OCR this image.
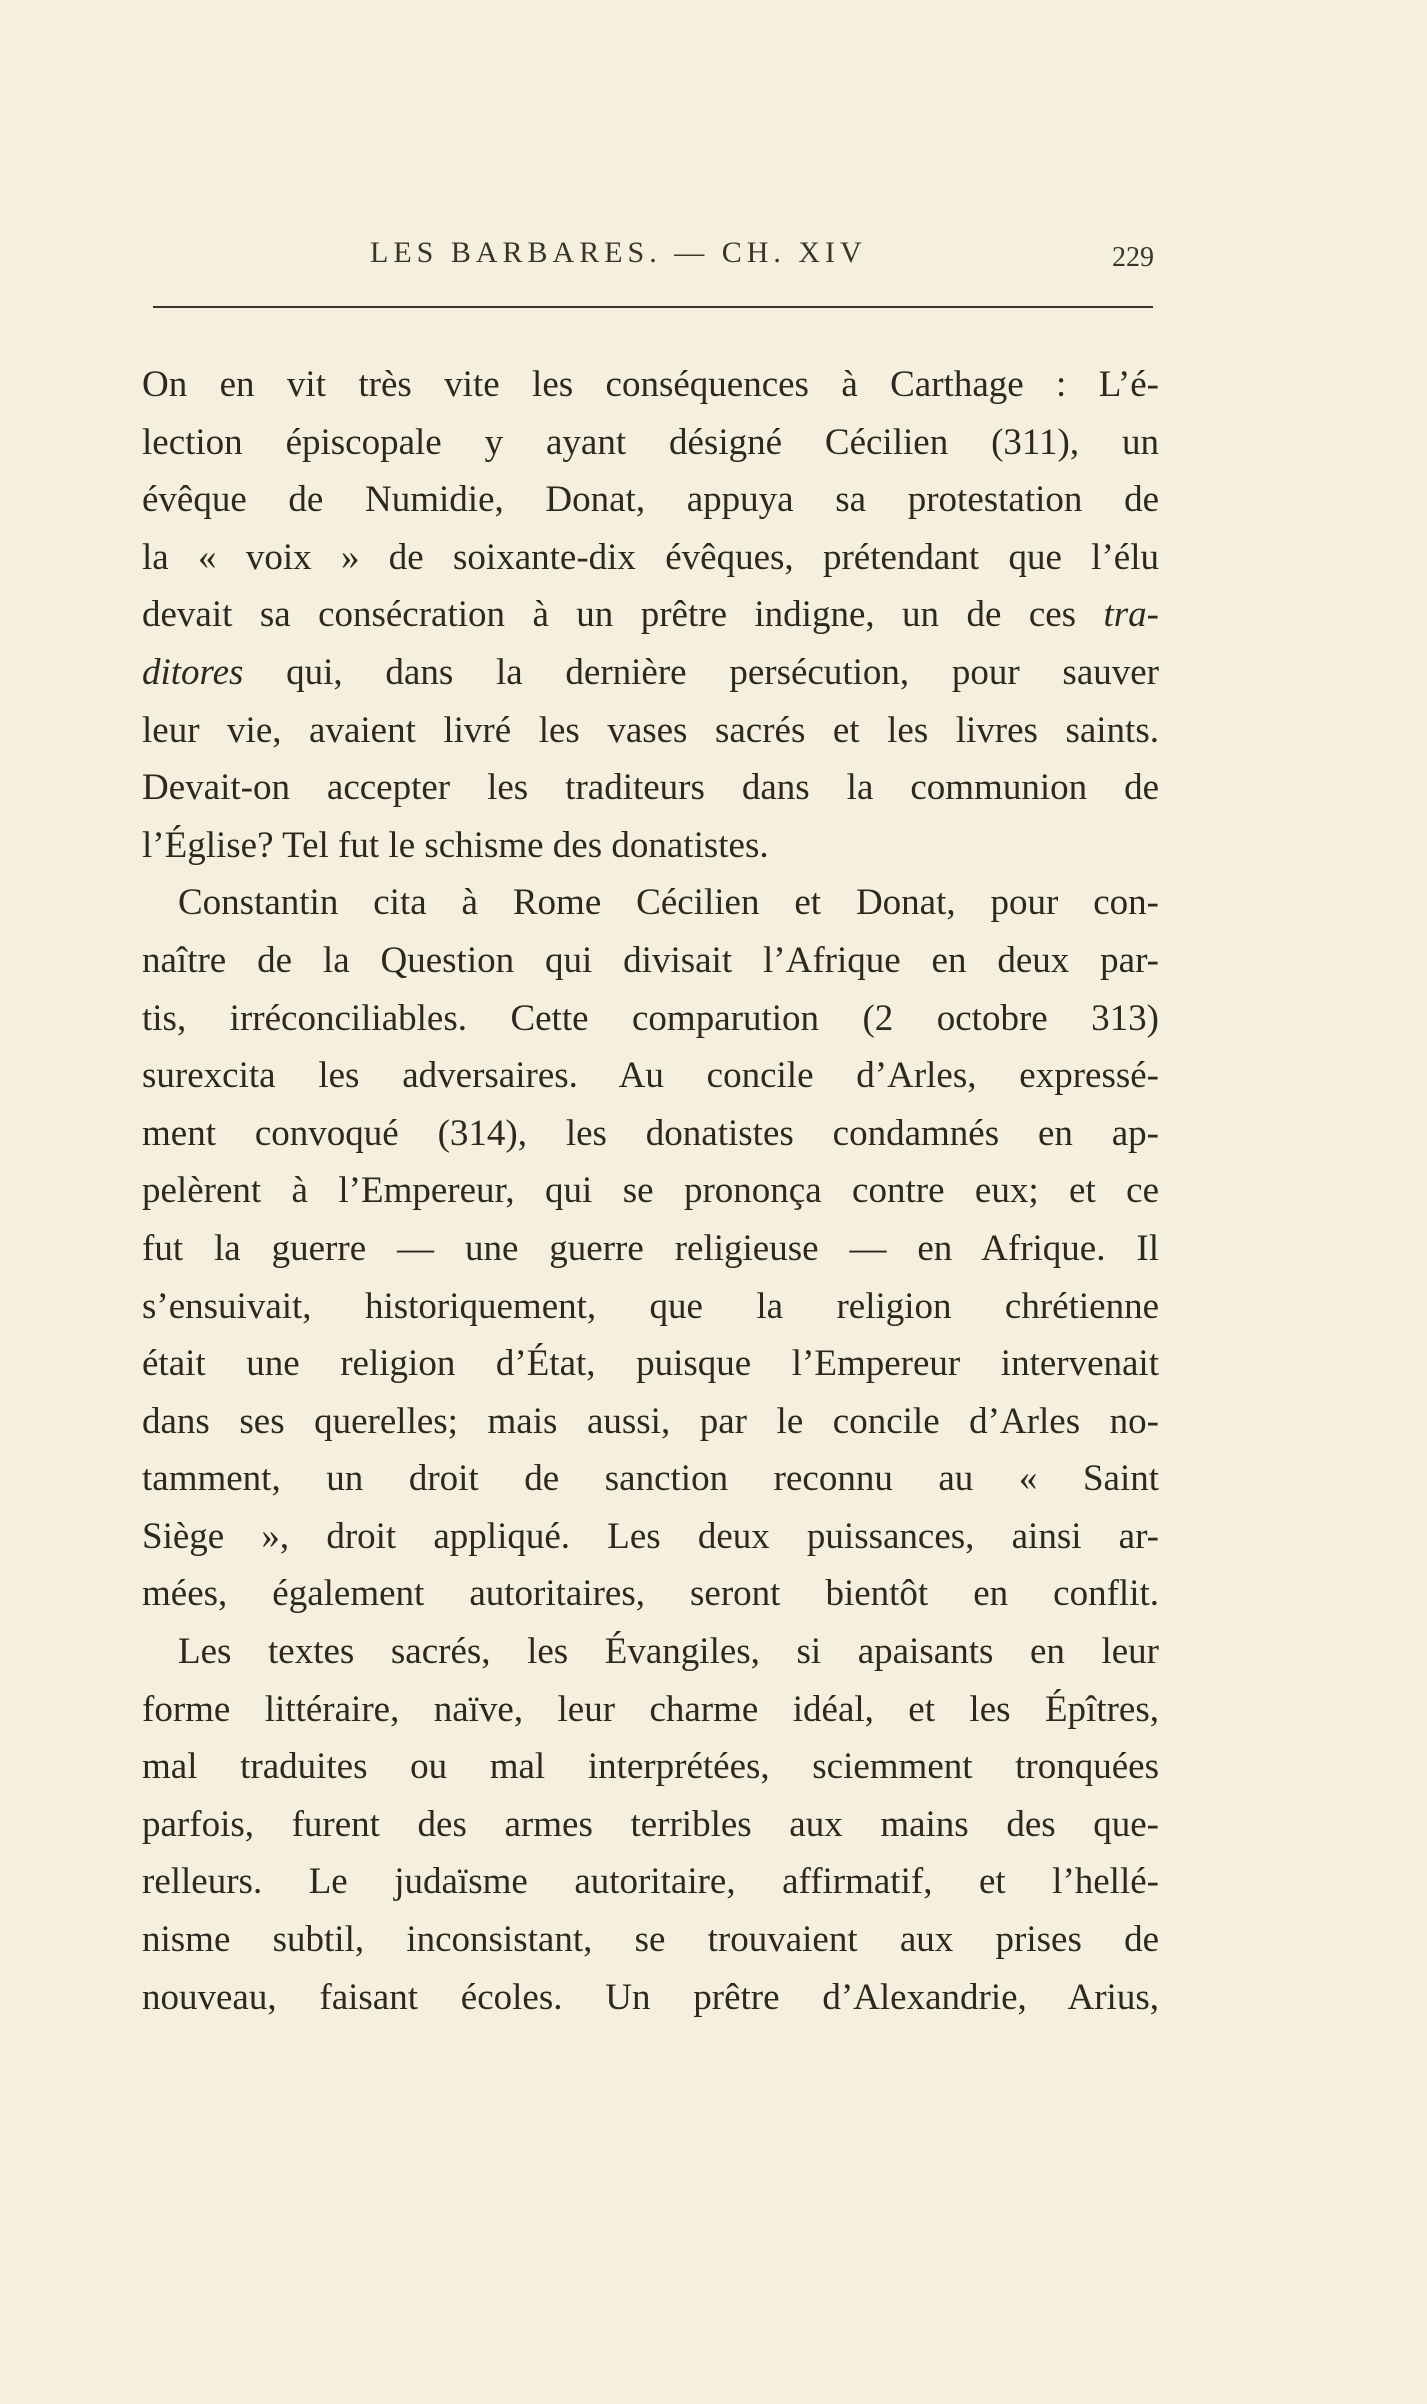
LES BARBARES. — CH. XIV	229
On en vit très vite les conséquences à Carthage : L’é-
lection épiscopale y ayant désigné Cécilien (311), un
évêque de Numidie, Donat, appuya sa protestation de
la « voix » de soixante-dix évêques, prétendant que l’élu
devait sa consécration à un prêtre indigne, un de ces tra-
ditores qui, dans la dernière persécution, pour sauver
leur vie, avaient livré les vases sacrés et les livres saints.
Devait-on accepter les traditeurs dans la communion de
l’Église? Tel fut le schisme des donatistes.
Constantin cita à Rome Cécilien et Donat, pour con-
naître de la Question qui divisait l’Afrique en deux par-
tis, irréconciliables. Cette comparution (2 octobre 313)
surexcita les adversaires. Au concile d’Arles, expressé-
ment convoqué (314), les donatistes condamnés en ap-
pelèrent à l’Empereur, qui se prononça contre eux; et ce
fut la guerre — une guerre religieuse — en Afrique. Il
s’ensuivait, historiquement, que la religion chrétienne
était une religion d’État, puisque l’Empereur intervenait
dans ses querelles; mais aussi, par le concile d’Arles no-
tamment, un droit de sanction reconnu au « Saint
Siège », droit appliqué. Les deux puissances, ainsi ar-
mées, également autoritaires, seront bientôt en conflit.
Les textes sacrés, les Évangiles, si apaisants en leur
forme littéraire, naïve, leur charme idéal, et les Épîtres,
mal traduites ou mal interprétées, sciemment tronquées
parfois, furent des armes terribles aux mains des que-
relleurs. Le judaïsme autoritaire, affirmatif, et l’hellé-
nisme subtil, inconsistant, se trouvaient aux prises de
nouveau, faisant écoles. Un prêtre d’Alexandrie, Arius,
